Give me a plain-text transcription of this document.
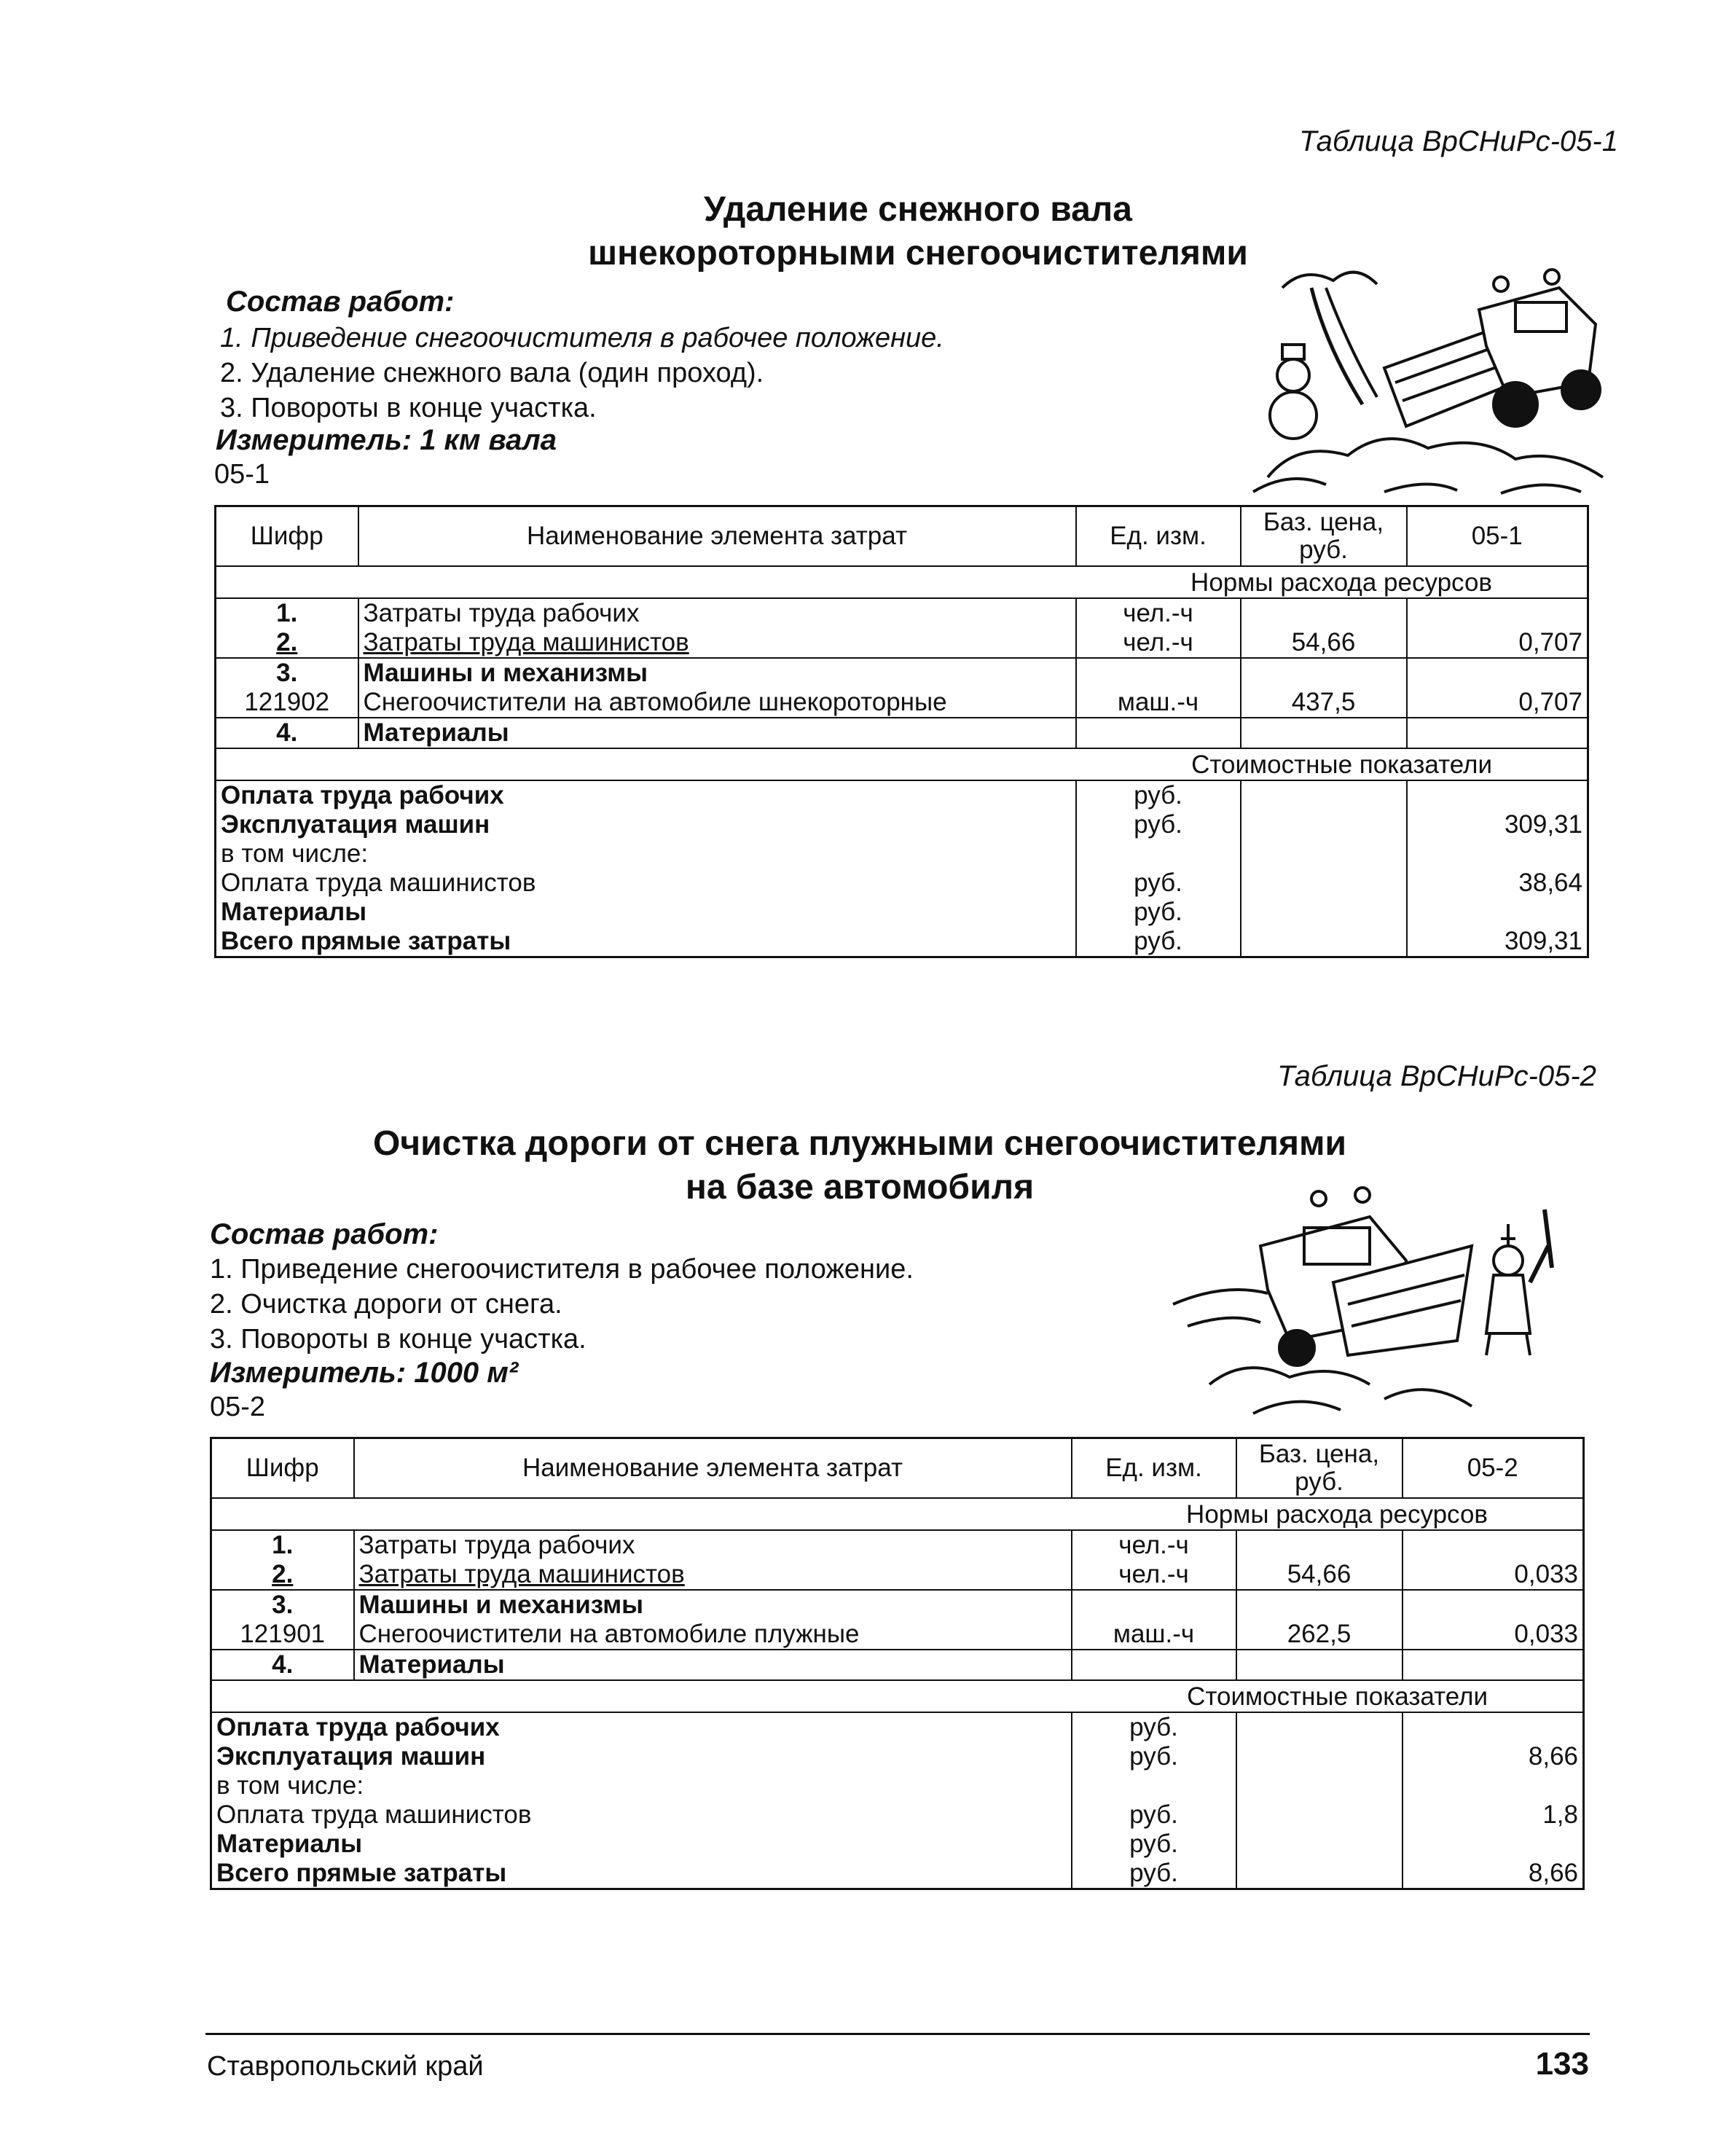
Таблица ВрСНиРс-05-1
Удаление снежного вала
шнекороторными снегоочистителями
Состав работ:
1. Приведение снегоочистителя в рабочее положение.
2. Удаление снежного вала (один проход).
3. Повороты в конце участка.
Измеритель: 1 км вала
05-1
Шифр	Наименование элемента затрат	Ед. изм.	Баз. цена, руб.	05-1
Нормы расхода ресурсов				
1.	Затраты труда рабочих	чел.-ч		
2.	Затраты труда машинистов	чел.-ч	54,66	0,707
3.	Машины и механизмы			
121902	Снегоочистители на автомобиле шнекороторные	маш.-ч	437,5	0,707
4.	Материалы			
Стоимостные показатели				
Оплата труда рабочих		руб.		
Эксплуатация машин		руб.		309,31
в том числе:				
Оплата труда машинистов		руб.		38,64
Материалы		руб.		
Всего прямые затраты		руб.		309,31
Таблица ВрСНиРс-05-2
Очистка дороги от снега плужными снегоочистителями
на базе автомобиля
Состав работ:
1. Приведение снегоочистителя в рабочее положение.
2. Очистка дороги от снега.
3. Повороты в конце участка.
Измеритель: 1000 м²
05-2
Шифр	Наименование элемента затрат	Ед. изм.	Баз. цена, руб.	05-2
Нормы расхода ресурсов				
1.	Затраты труда рабочих	чел.-ч		
2.	Затраты труда машинистов	чел.-ч	54,66	0,033
3.	Машины и механизмы			
121901	Снегоочистители на автомобиле плужные	маш.-ч	262,5	0,033
4.	Материалы			
Стоимостные показатели				
Оплата труда рабочих		руб.		
Эксплуатация машин		руб.		8,66
в том числе:				
Оплата труда машинистов		руб.		1,8
Материалы		руб.		
Всего прямые затраты		руб.		8,66
Ставропольский край	133
